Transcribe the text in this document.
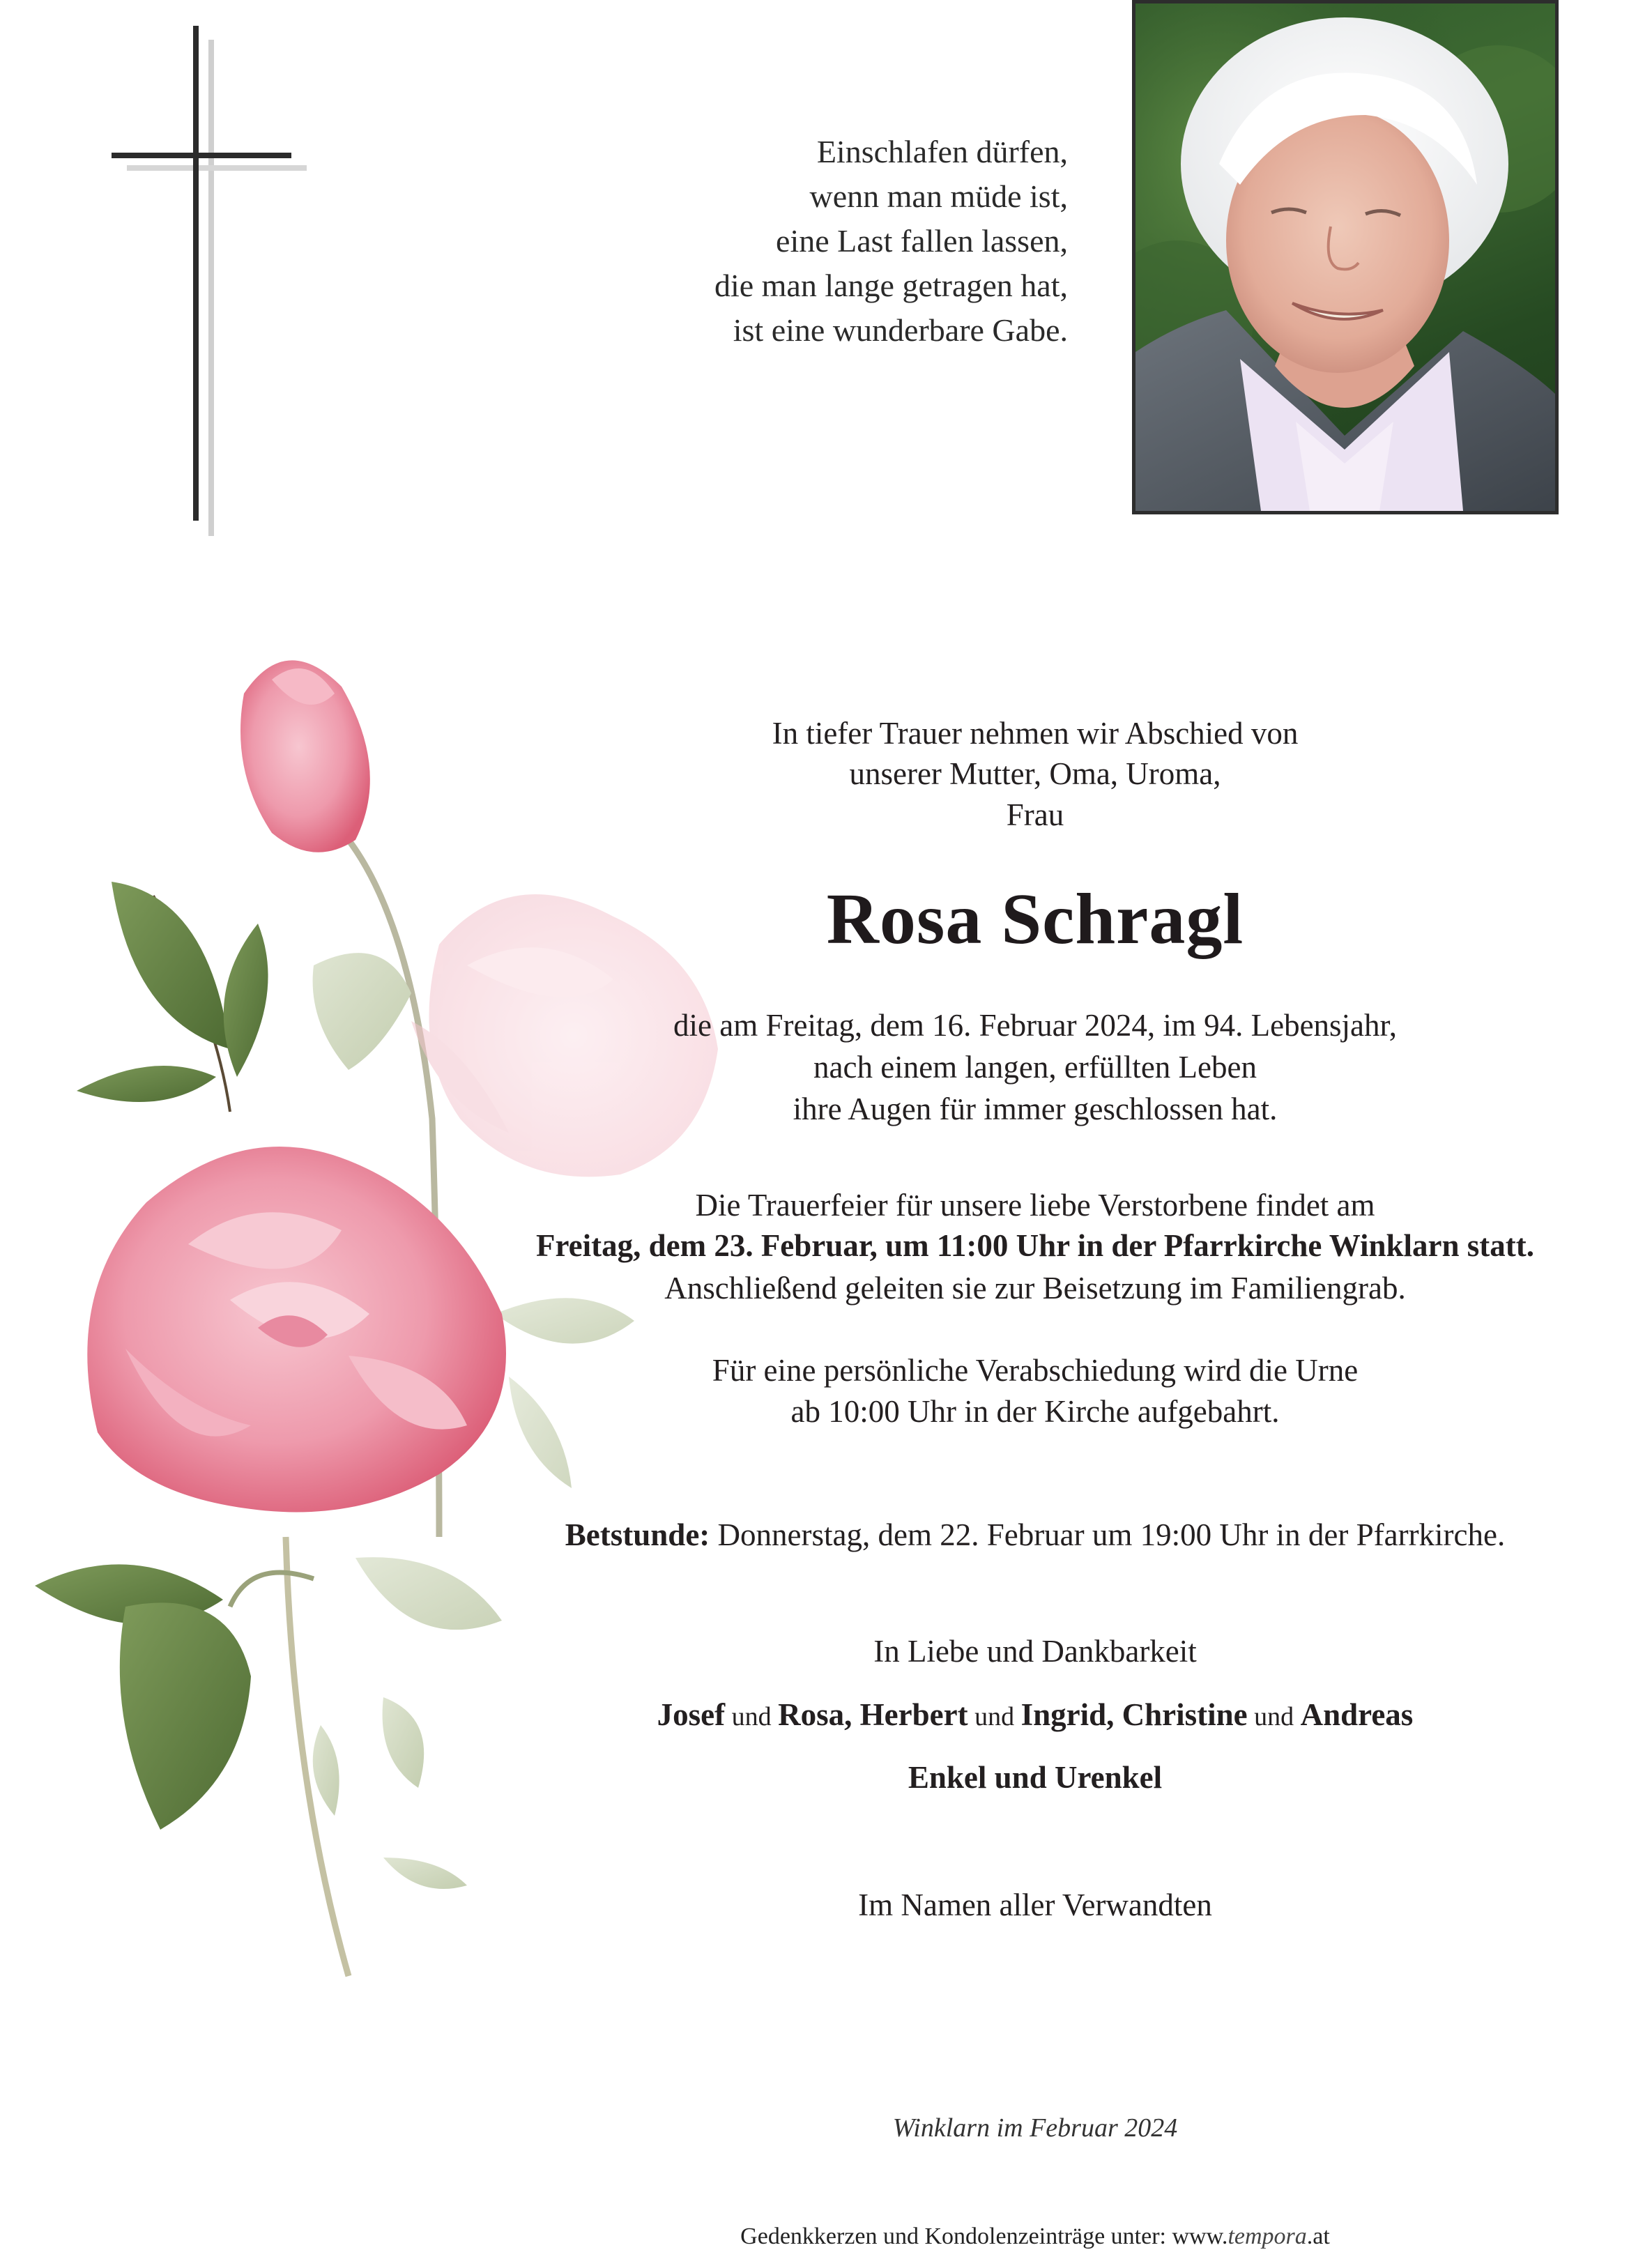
Einschlafen dürfen,
wenn man müde ist,
eine Last fallen lassen,
die man lange getragen hat,
ist eine wunderbare Gabe.
In tiefer Trauer nehmen wir Abschied von
unserer Mutter, Oma, Uroma,
Frau
Rosa Schragl
die am Freitag, dem 16. Februar 2024, im 94. Lebensjahr,
nach einem langen, erfüllten Leben
ihre Augen für immer geschlossen hat.
Die Trauerfeier für unsere liebe Verstorbene findet am
Freitag, dem 23. Februar, um 11:00 Uhr in der Pfarrkirche Winklarn statt.
Anschließend geleiten sie zur Beisetzung im Familiengrab.
Für eine persönliche Verabschiedung wird die Urne
ab 10:00 Uhr in der Kirche aufgebahrt.
Betstunde: Donnerstag, dem 22. Februar um 19:00 Uhr in der Pfarrkirche.
In Liebe und Dankbarkeit
Josef und Rosa, Herbert und Ingrid, Christine und Andreas
Enkel und Urenkel
Im Namen aller Verwandten
Winklarn im Februar 2024
Gedenkkerzen und Kondolenzeinträge unter: www.tempora.at
